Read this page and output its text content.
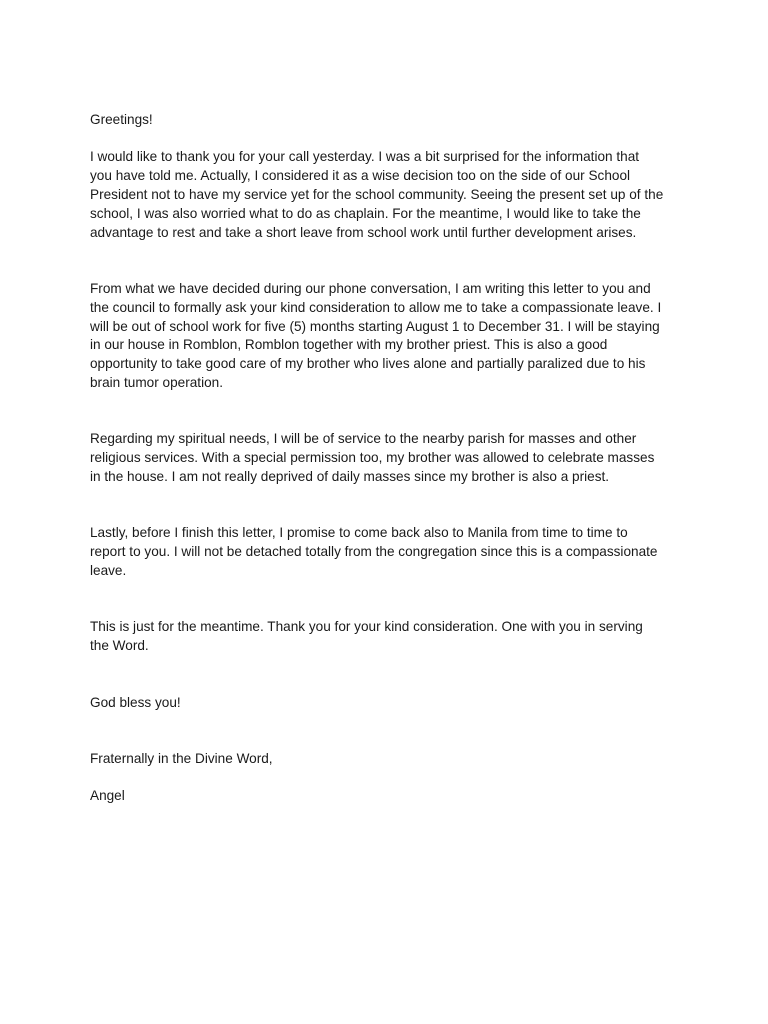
Greetings!

I would like to thank you for your call yesterday. I was a bit surprised for the information that
you have told me. Actually, I considered it as a wise decision too on the side of our School
President not to have my service yet for the school community. Seeing the present set up of the
school, I was also worried what to do as chaplain. For the meantime, I would like to take the
advantage to rest and take a short leave from school work until further development arises.

From what we have decided during our phone conversation, I am writing this letter to you and
the council to formally ask your kind consideration to allow me to take a compassionate leave. I
will be out of school work for five (5) months starting August 1 to December 31. I will be staying
in our house in Romblon, Romblon together with my brother priest. This is also a good
opportunity to take good care of my brother who lives alone and partially paralized due to his
brain tumor operation.

Regarding my spiritual needs, I will be of service to the nearby parish for masses and other
religious services. With a special permission too, my brother was allowed to celebrate masses
in the house. I am not really deprived of daily masses since my brother is also a priest.

Lastly, before I finish this letter, I promise to come back also to Manila from time to time to
report to you. I will not be detached totally from the congregation since this is a compassionate
leave.

This is just for the meantime. Thank you for your kind consideration. One with you in serving
the Word.

God bless you!

Fraternally in the Divine Word,

Angel
